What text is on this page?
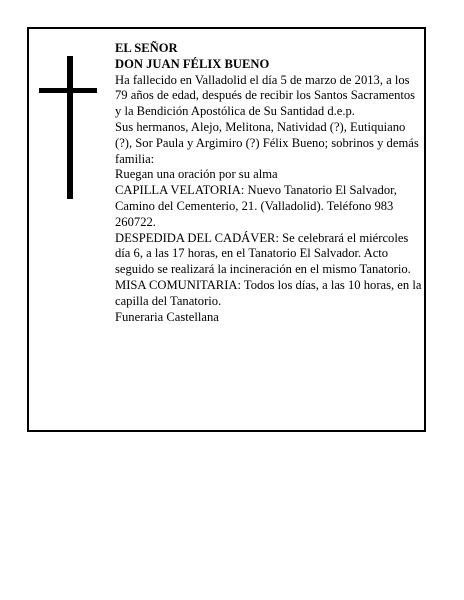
EL SEÑOR

DON JUAN FÉLIX BUENO

Ha fallecido en Valladolid el día 5 de marzo de 2013, a los 79 años de edad, después de recibir los Santos Sacramentos y la Bendición Apostólica de Su Santidad d.e.p.

Sus hermanos, Alejo, Melitona, Natividad (?), Eutiquiano (?), Sor Paula y Argimiro (?) Félix Bueno; sobrinos y demás familia:

Ruegan una oración por su alma

CAPILLA VELATORIA: Nuevo Tanatorio El Salvador, Camino del Cementerio, 21. (Valladolid). Teléfono 983 260722.

DESPEDIDA DEL CADÁVER: Se celebrará el miércoles día 6, a las 17 horas, en el Tanatorio El Salvador. Acto seguido se realizará la incineración en el mismo Tanatorio.

MISA COMUNITARIA: Todos los días, a las 10 horas, en la capilla del Tanatorio.

Funeraria Castellana
